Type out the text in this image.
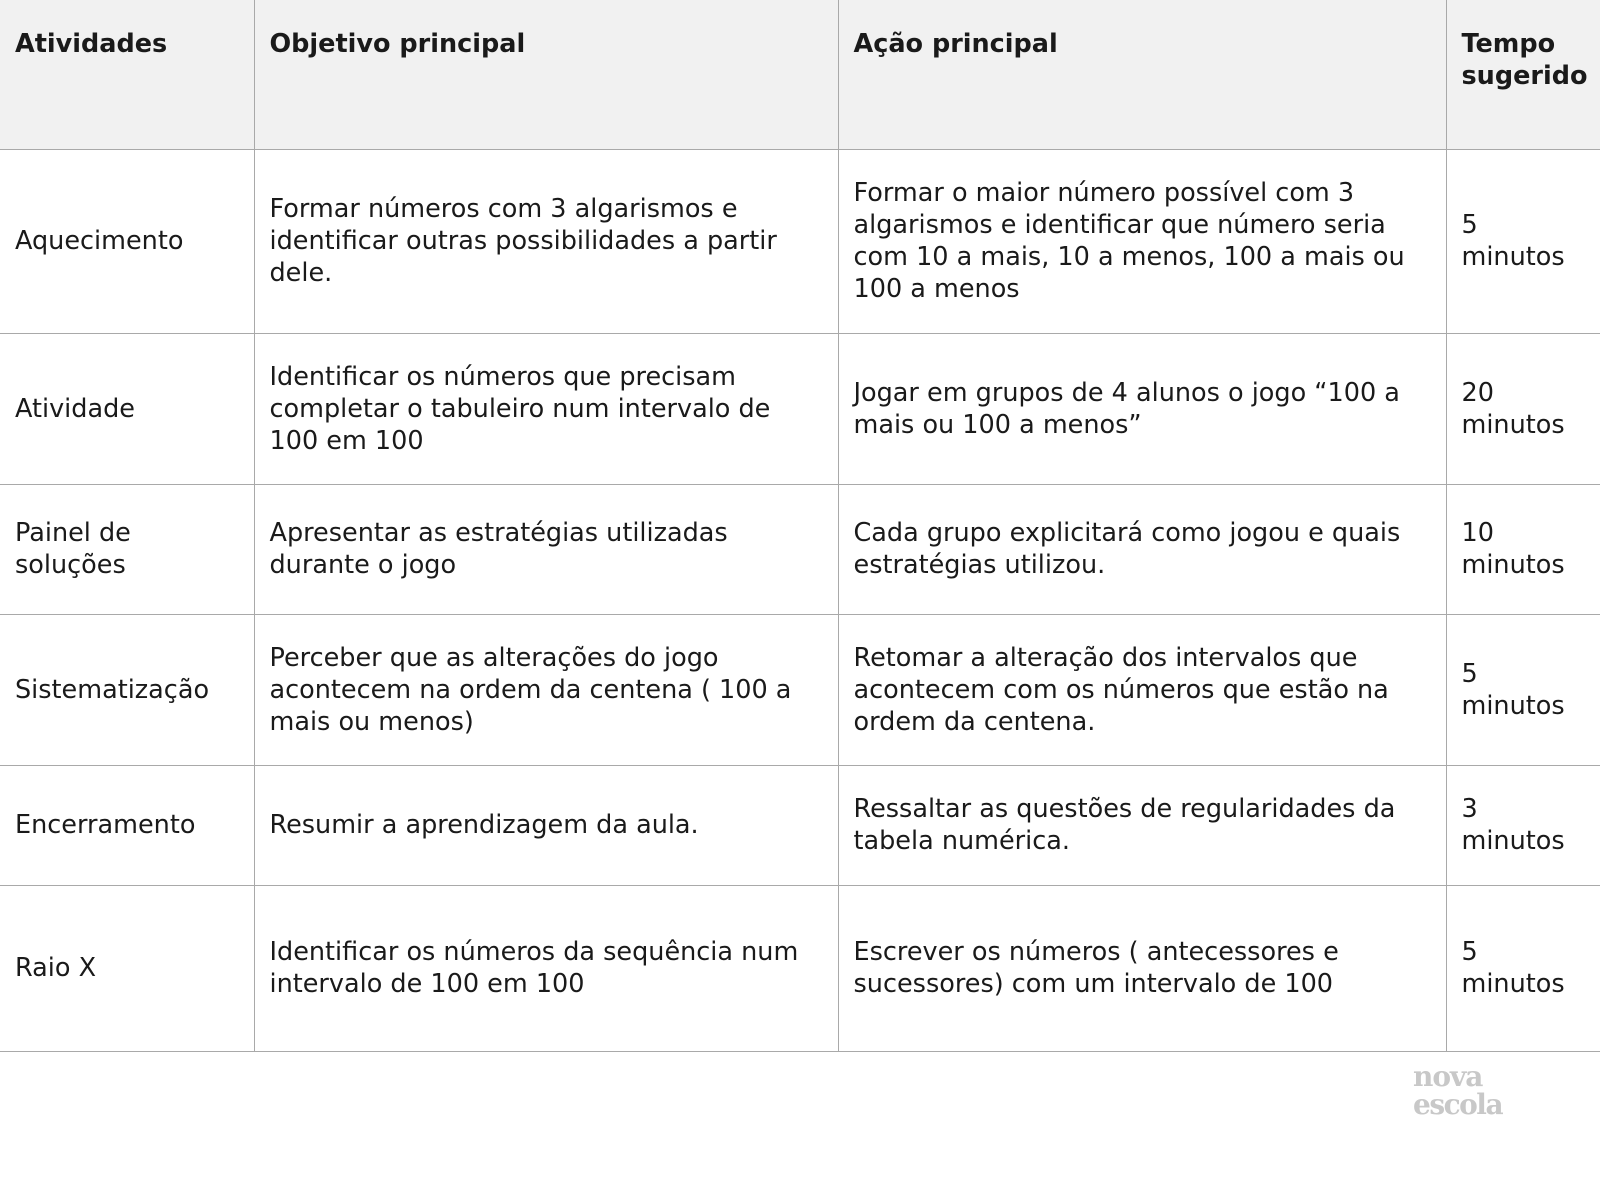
Atividades	Objetivo principal	Ação principal	Tempo sugerido
Aquecimento	Formar números com 3 algarismos e identificar outras possibilidades a partir dele.	Formar o maior número possível com 3 algarismos e identificar que número seria com 10 a mais, 10 a menos, 100 a mais ou 100 a menos	5 minutos
Atividade	Identificar os números que precisam completar o tabuleiro num intervalo de 100 em 100	Jogar em grupos de 4 alunos o jogo “100 a mais ou 100 a menos”	20 minutos
Painel de soluções	Apresentar as estratégias utilizadas durante o jogo	Cada grupo explicitará como jogou e quais estratégias utilizou.	10 minutos
Sistematização	Perceber que as alterações do jogo acontecem na ordem da centena ( 100 a mais ou menos)	Retomar a alteração dos intervalos que acontecem com os números que estão na ordem da centena.	5 minutos
Encerramento	Resumir a aprendizagem da aula.	Ressaltar as questões de regularidades da tabela numérica.	3 minutos
Raio X	Identificar os números da sequência num intervalo de 100 em 100	Escrever os números ( antecessores e sucessores) com um intervalo de 100	5 minutos
nova
escola
